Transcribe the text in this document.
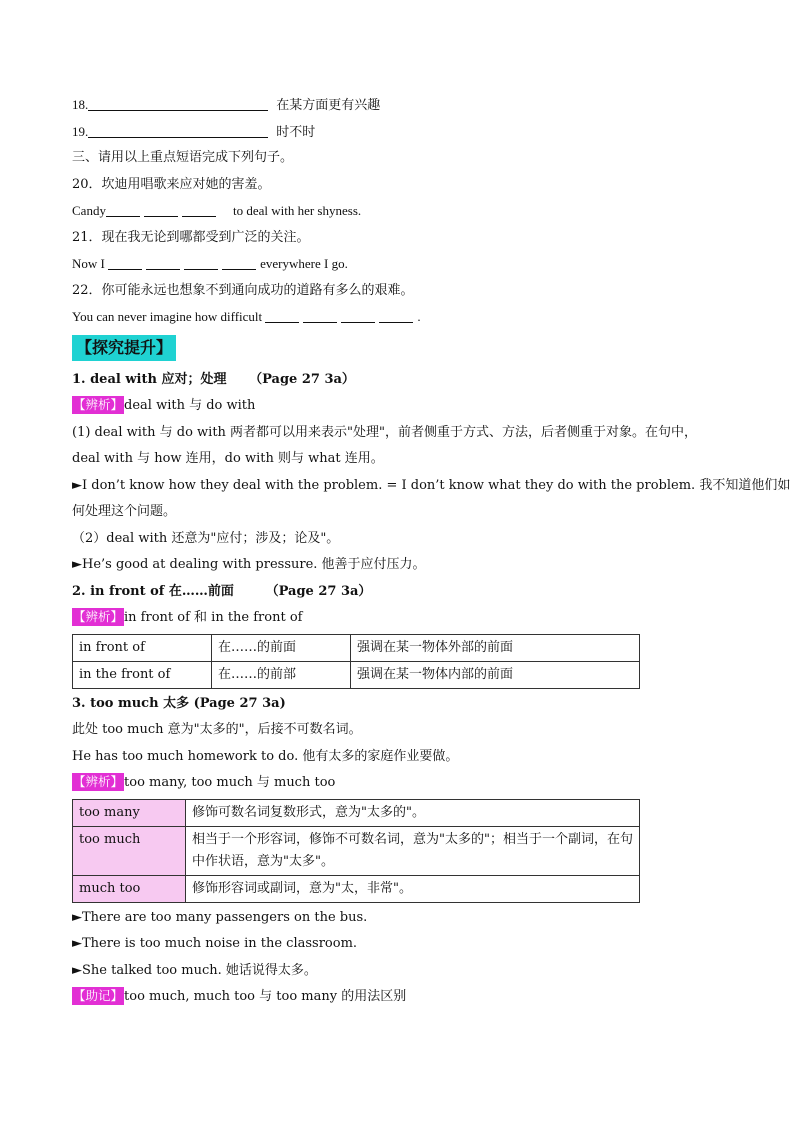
18.	在某方面更有兴趣
19.	时不时
三、请用以上重点短语完成下列句子。
20．坎迪用唱歌来应对她的害羞。
Candy	to deal with her shyness.
21．现在我无论到哪都受到广泛的关注。
Now I	everywhere I go.
22．你可能永远也想象不到通向成功的道路有多么的艰难。
You can never imagine how difficult	.
【探究提升】
1. deal with 应对；处理 （Page 27 3a）
【辨析】deal with 与 do with
(1) deal with 与 do with 两者都可以用来表示"处理"，前者侧重于方式、方法，后者侧重于对象。在句中，
deal with 与 how 连用，do with 则与 what 连用。
►I don’t know how they deal with the problem. = I don’t know what they do with the problem. 我不知道他们如
何处理这个问题。
（2）deal with 还意为"应付；涉及；论及"。
►He’s good at dealing with pressure. 他善于应付压力。
2. in front of 在……前面 （Page 27 3a）
【辨析】in front of 和 in the front of
in front of	在……的前面	强调在某一物体外部的前面
in the front of	在……的前部	强调在某一物体内部的前面
3. too much 太多 (Page 27 3a)
此处 too much 意为"太多的"，后接不可数名词。
He has too much homework to do. 他有太多的家庭作业要做。
【辨析】too many, too much 与 much too
too many	修饰可数名词复数形式，意为"太多的"。
too much	相当于一个形容词，修饰不可数名词，意为"太多的"；相当于一个副词，在句中作状语，意为"太多"。
much too	修饰形容词或副词，意为"太，非常"。
►There are too many passengers on the bus.
►There is too much noise in the classroom.
►She talked too much. 她话说得太多。
【助记】too much, much too 与 too many 的用法区别
